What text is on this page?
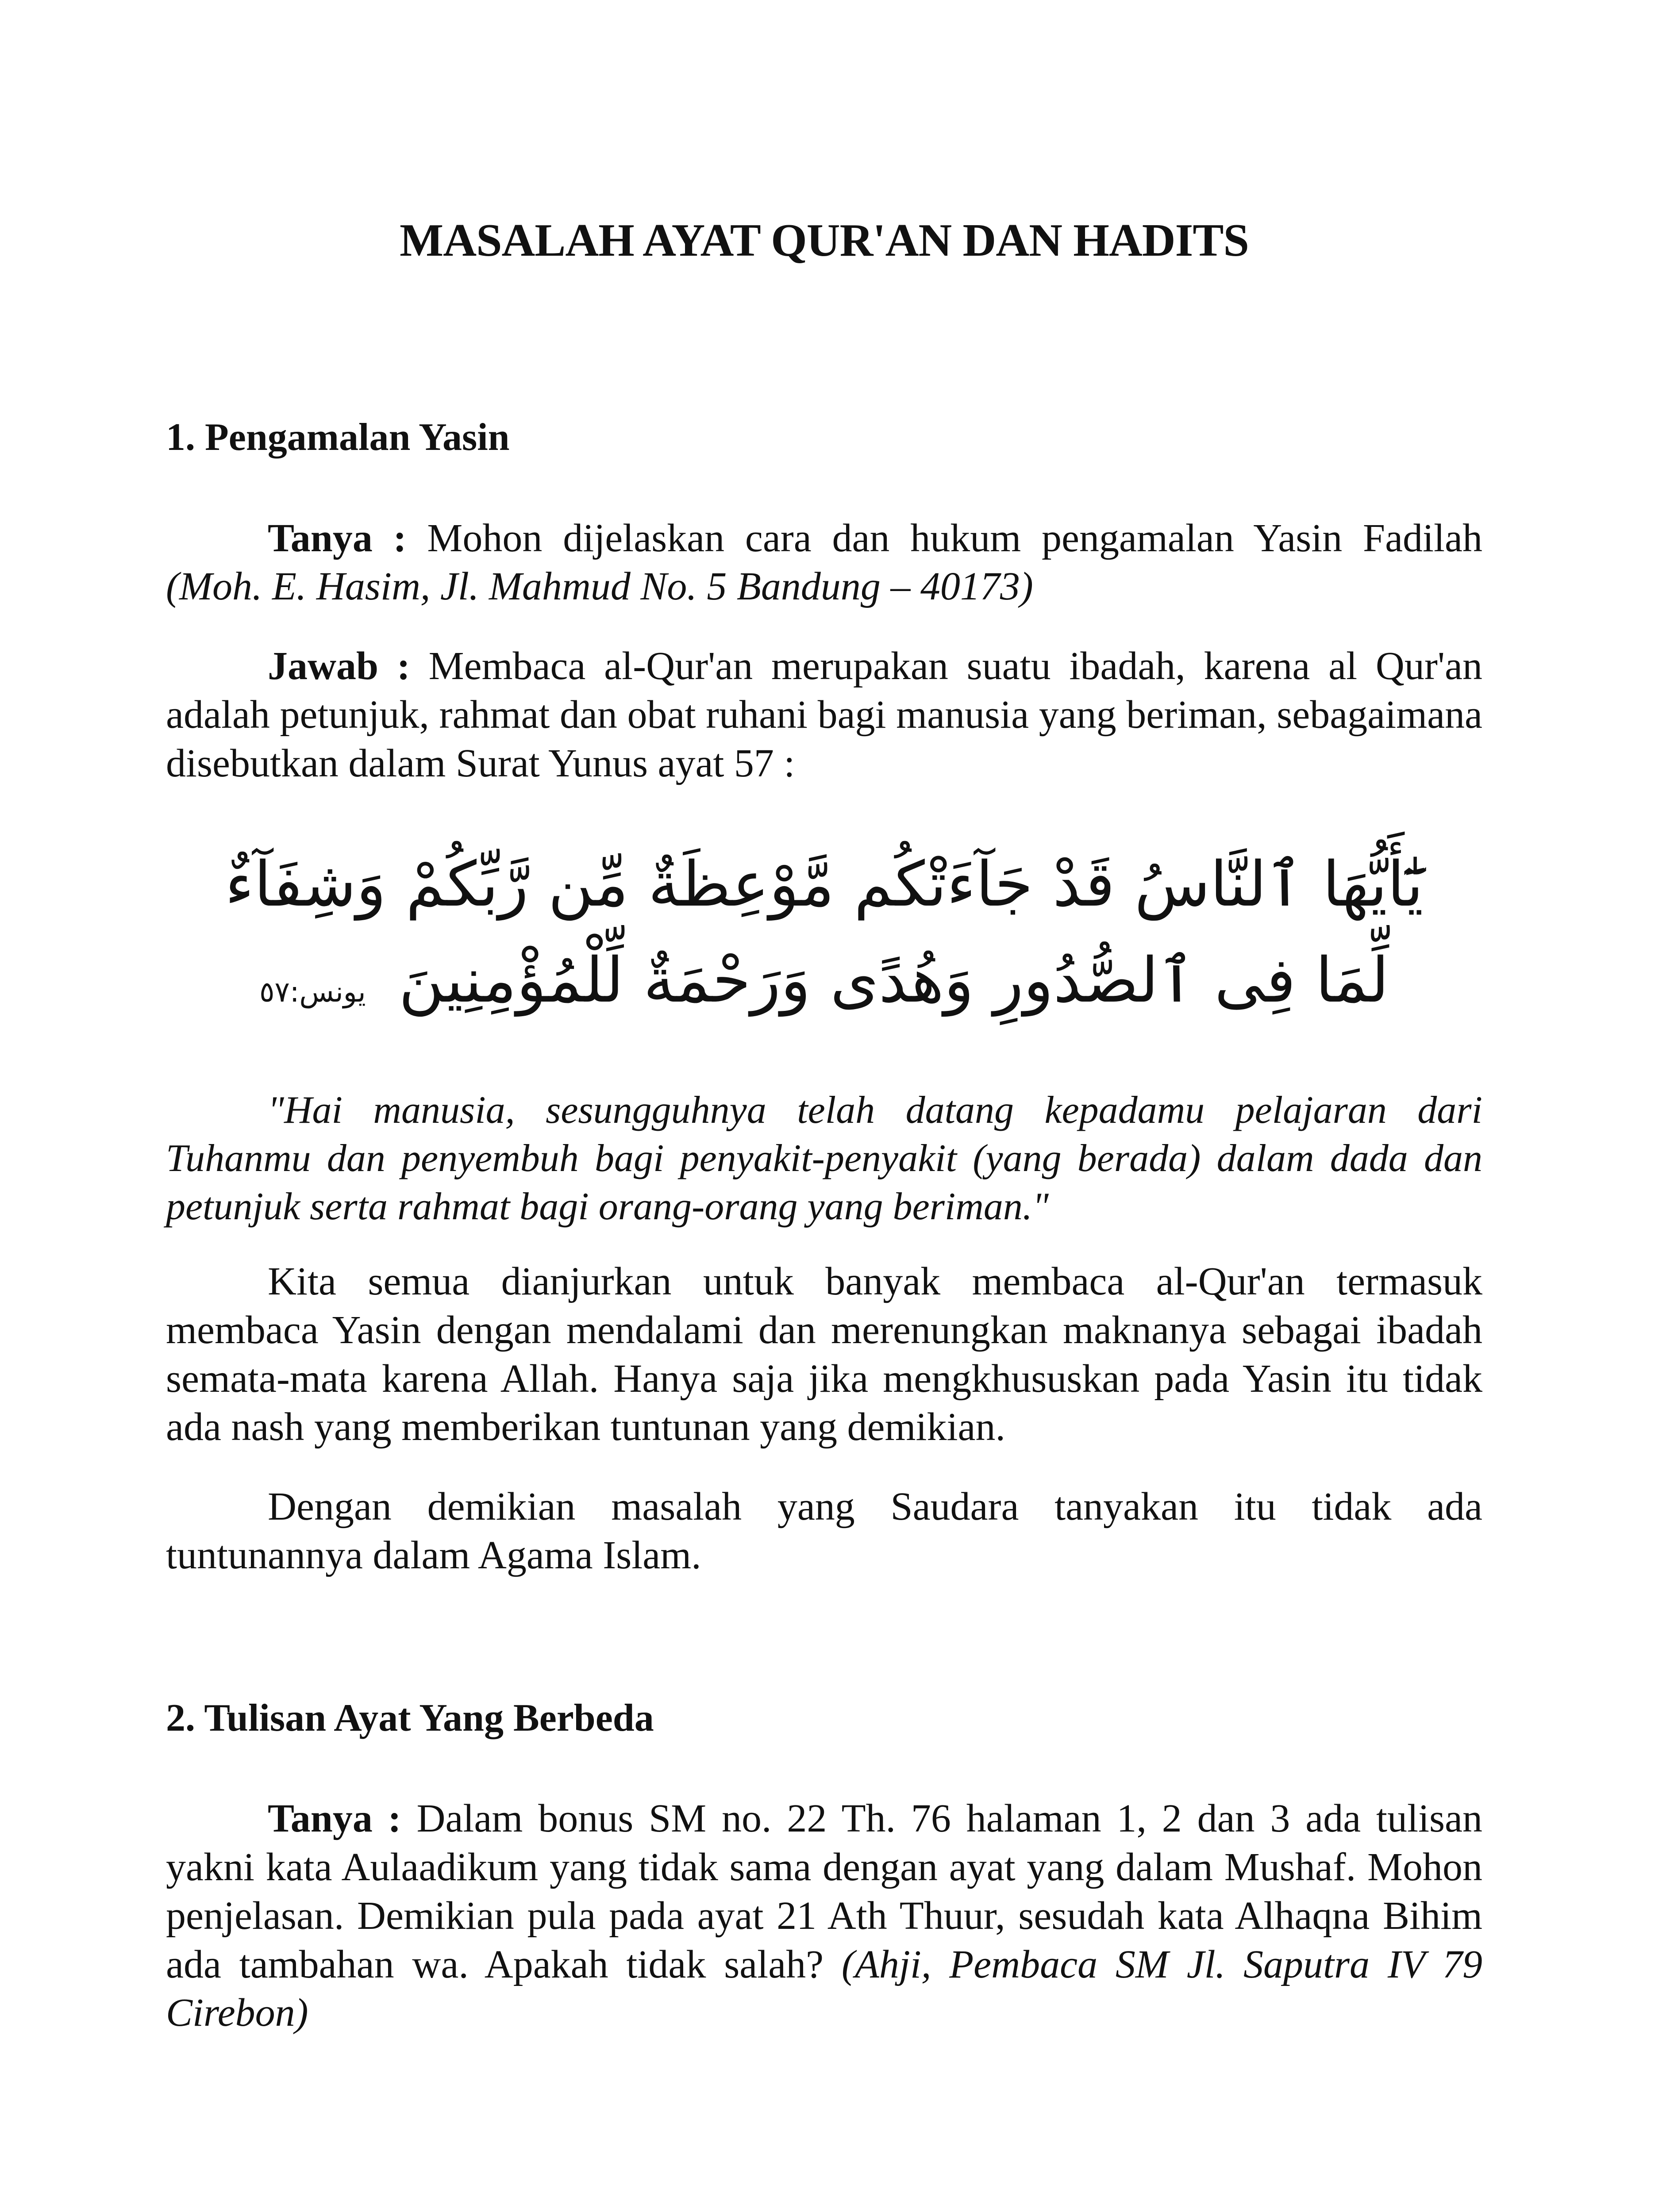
MASALAH AYAT QUR'AN DAN HADITS
1. Pengamalan Yasin

Tanya : Mohon dijelaskan cara dan hukum pengamalan Yasin Fadilah (Moh. E. Hasim, Jl. Mahmud No. 5 Bandung – 40173)

Jawab : Membaca al-Qur'an merupakan suatu ibadah, karena al Qur'an adalah petunjuk, rahmat dan obat ruhani bagi manusia yang beriman, sebagaimana disebutkan dalam Surat Yunus ayat 57 :

يَٰٓأَيُّهَا ٱلنَّاسُ قَدْ جَآءَتْكُم مَّوْعِظَةٌ مِّن رَّبِّكُمْ وَشِفَآءٌ
لِّمَا فِى ٱلصُّدُورِ وَهُدًى وَرَحْمَةٌ لِّلْمُؤْمِنِينَ يونس:٥٧

"Hai manusia, sesungguhnya telah datang kepadamu pelajaran dari Tuhanmu dan penyembuh bagi penyakit-penyakit (yang berada) dalam dada dan petunjuk serta rahmat bagi orang-orang yang beriman."

Kita semua dianjurkan untuk banyak membaca al-Qur'an termasuk membaca Yasin dengan mendalami dan merenungkan maknanya sebagai ibadah semata-mata karena Allah. Hanya saja jika mengkhususkan pada Yasin itu tidak ada nash yang memberikan tuntunan yang demikian.

Dengan demikian masalah yang Saudara tanyakan itu tidak ada tuntunannya dalam Agama Islam.

2. Tulisan Ayat Yang Berbeda

Tanya : Dalam bonus SM no. 22 Th. 76 halaman 1, 2 dan 3 ada tulisan yakni kata Aulaadikum yang tidak sama dengan ayat yang dalam Mushaf. Mohon penjelasan. Demikian pula pada ayat 21 Ath Thuur, sesudah kata Alhaqna Bihim ada tambahan wa. Apakah tidak salah? (Ahji, Pembaca SM Jl. Saputra IV 79 Cirebon)
